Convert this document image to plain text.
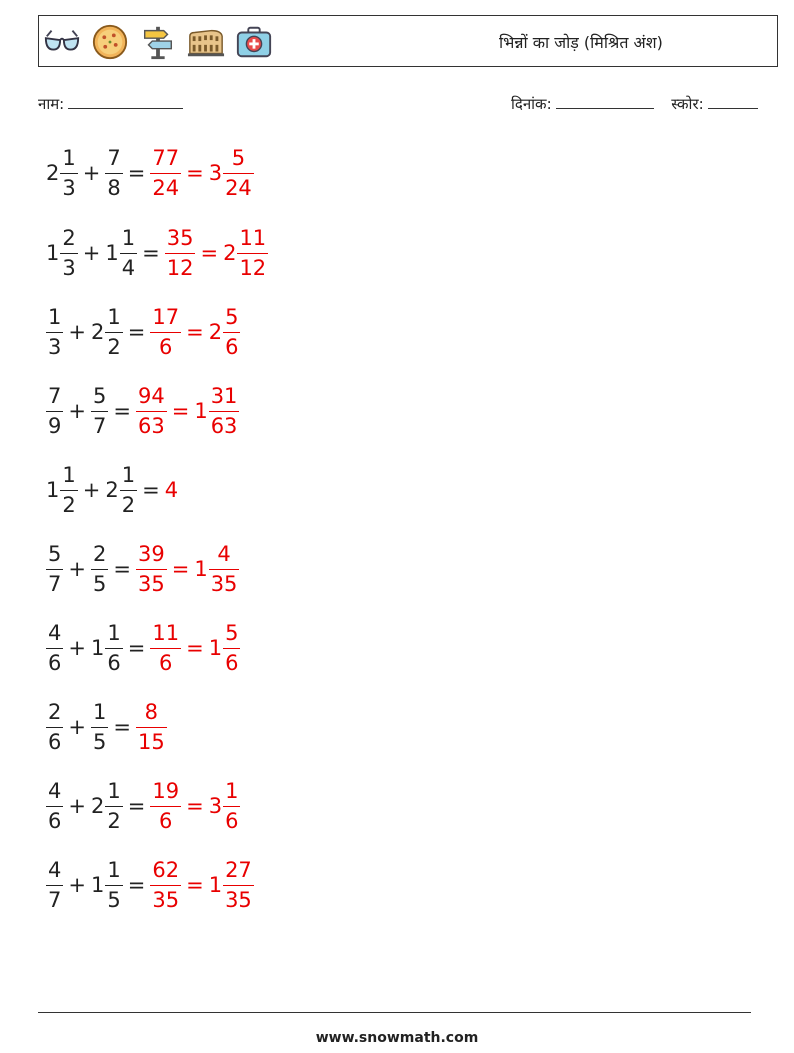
भिन्नों का जोड़ (मिश्रित अंश)
नाम:	दिनांक:	स्कोर:
$2 \frac{1}{3} + \frac{7}{8} = \frac{77}{24} = 3 \frac{5}{24}$
$1 \frac{2}{3} + 1 \frac{1}{4} = \frac{35}{12} = 2 \frac{11}{12}$
$\frac{1}{3} + 2 \frac{1}{2} = \frac{17}{6} = 2 \frac{5}{6}$
$\frac{7}{9} + \frac{5}{7} = \frac{94}{63} = 1 \frac{31}{63}$
$1 \frac{1}{2} + 2 \frac{1}{2} = 4$
$\frac{5}{7} + \frac{2}{5} = \frac{39}{35} = 1 \frac{4}{35}$
$\frac{4}{6} + 1 \frac{1}{6} = \frac{11}{6} = 1 \frac{5}{6}$
$\frac{2}{6} + \frac{1}{5} = \frac{8}{15}$
$\frac{4}{6} + 2 \frac{1}{2} = \frac{19}{6} = 3 \frac{1}{6}$
$\frac{4}{7} + 1 \frac{1}{5} = \frac{62}{35} = 1 \frac{27}{35}$
www.snowmath.com
